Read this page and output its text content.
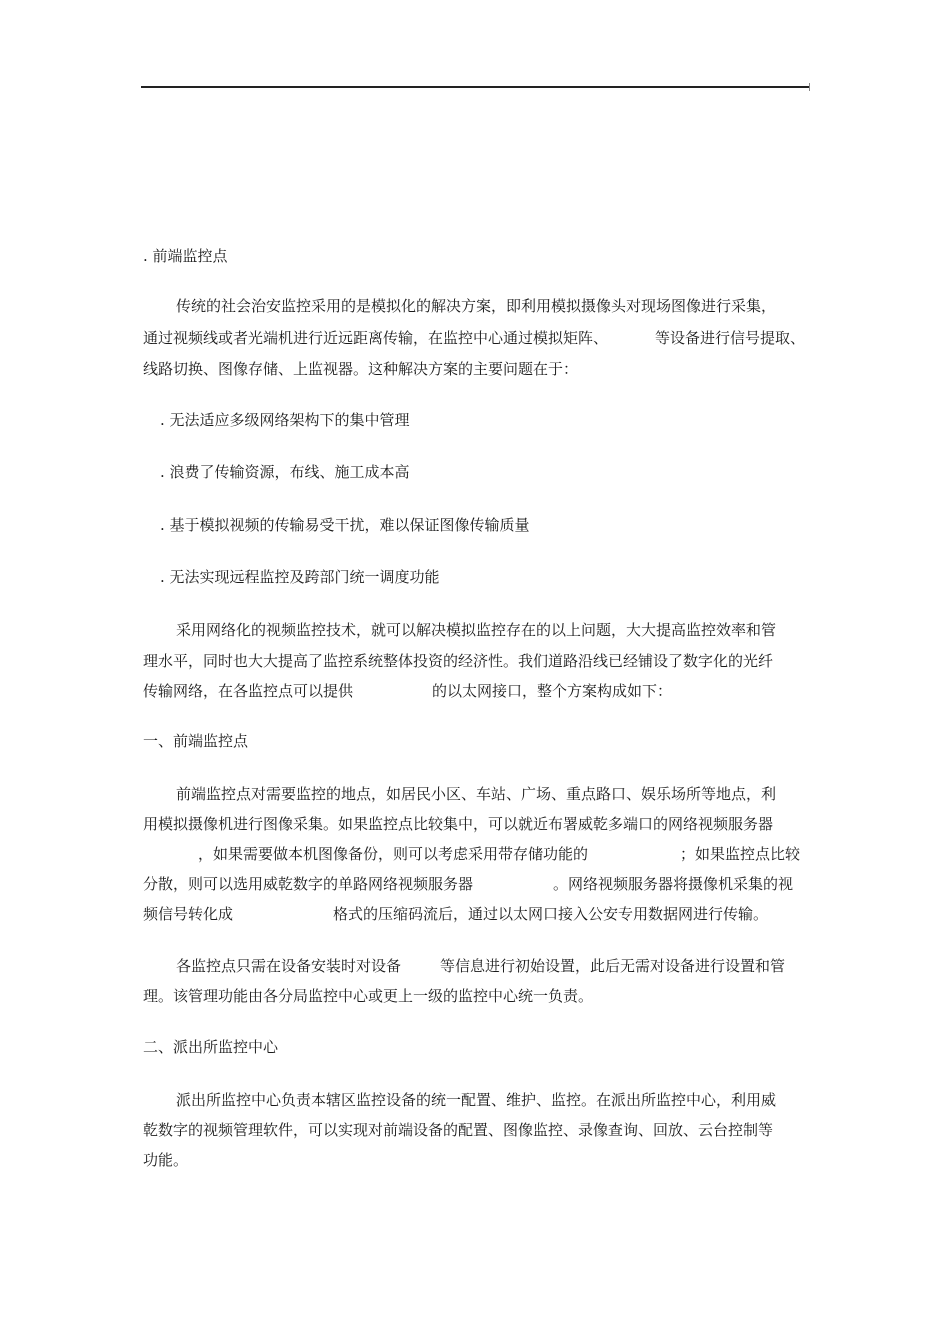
. 前端监控点

传统的社会治安监控采用的是模拟化的解决方案，即利用模拟摄像头对现场图像进行采集，

通过视频线或者光端机进行近远距离传输，在监控中心通过模拟矩阵、

	等设备进行信号提取、

线路切换、图像存储、上监视器。这种解决方案的主要问题在于：

. 无法适应多级网络架构下的集中管理

. 浪费了传输资源，布线、施工成本高

. 基于模拟视频的传输易受干扰，难以保证图像传输质量

. 无法实现远程监控及跨部门统一调度功能

采用网络化的视频监控技术，就可以解决模拟监控存在的以上问题，大大提高监控效率和管

理水平，同时也大大提高了监控系统整体投资的经济性。我们道路沿线已经铺设了数字化的光纤

传输网络，在各监控点可以提供

	的以太网接口，整个方案构成如下：

一、前端监控点

前端监控点对需要监控的地点，如居民小区、车站、广场、重点路口、娱乐场所等地点，利

用模拟摄像机进行图像采集。如果监控点比较集中，可以就近布署威乾多端口的网络视频服务器

，如果需要做本机图像备份，则可以考虑采用带存储功能的

	；如果监控点比较

分散，则可以选用威乾数字的单路网络视频服务器

	。网络视频服务器将摄像机采集的视

频信号转化成

	格式的压缩码流后，通过以太网口接入公安专用数据网进行传输。

各监控点只需在设备安装时对设备

	等信息进行初始设置，此后无需对设备进行设置和管

理。该管理功能由各分局监控中心或更上一级的监控中心统一负责。

二、派出所监控中心

派出所监控中心负责本辖区监控设备的统一配置、维护、监控。在派出所监控中心，利用威

乾数字的视频管理软件，可以实现对前端设备的配置、图像监控、录像查询、回放、云台控制等

功能。
